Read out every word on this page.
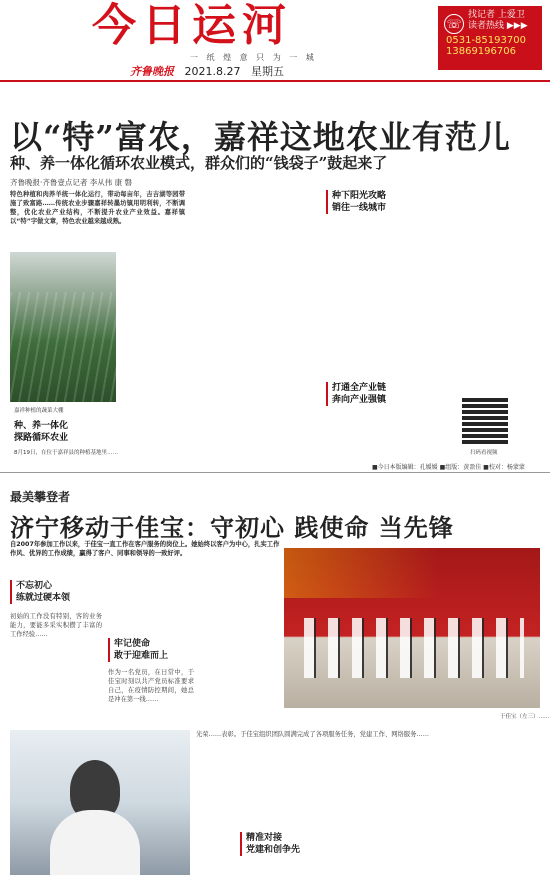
今日运河
一 纸 煌 意 只 为 一 城
齐鲁晚报 2021.8.27 星期五
☏
找记者 上爱卫
读者热线 ▶▶▶
0531-85193700
13869196706
以“特”富农，嘉祥这地农业有范儿
种、养一体化循环农业模式，群众们的“钱袋子”鼓起来了
齐鲁晚报·齐鲁壹点记者 李从伟 康 磐
特色种植和肉养羊统一体化运行，带动每亩年，吉吉湖等园带施了致富路……传统农业步骤嘉祥转墨坊镇用明利转，不断调整，优化农业产业结构，不断提升农业产业效益。嘉祥镇以“特”字做文章，特色农业越来越成熟。
嘉祥种植的蔬菜大棚
种、养一体化
探路循环农业
8月19日，在位于嘉祥县的种植基地里……
种下阳光攻略
销往一线城市
打通全产业链
奔向产业强镇
扫码看视频
■今日本版编辑：孔媛媛 ■组版：黄盈佳 ■校对：杨蒙蒙
最美攀登者
济宁移动于佳宝：守初心 践使命 当先锋
自2007年参加工作以来，于佳宝一直工作在客户服务的岗位上。她始终以客户为中心，扎实工作作风、优异的工作成绩，赢得了客户、同事和领导的一致好评。
于佳宝（左三）……
不忘初心
练就过硬本领
初始的工作没有特别，客的业务能力，要能多采实积攒了丰富的工作经验……
牢记使命
敢于迎难而上
作为一名党员，在日常中，于佳宝时刻以共产党员标准要求自己，在疫情防控期间，她总是冲在第一线……
精准对接
党建和创争先
光荣……表彰。于佳宝组织团队圆满完成了各项服务任务，党建工作、网络服务……
